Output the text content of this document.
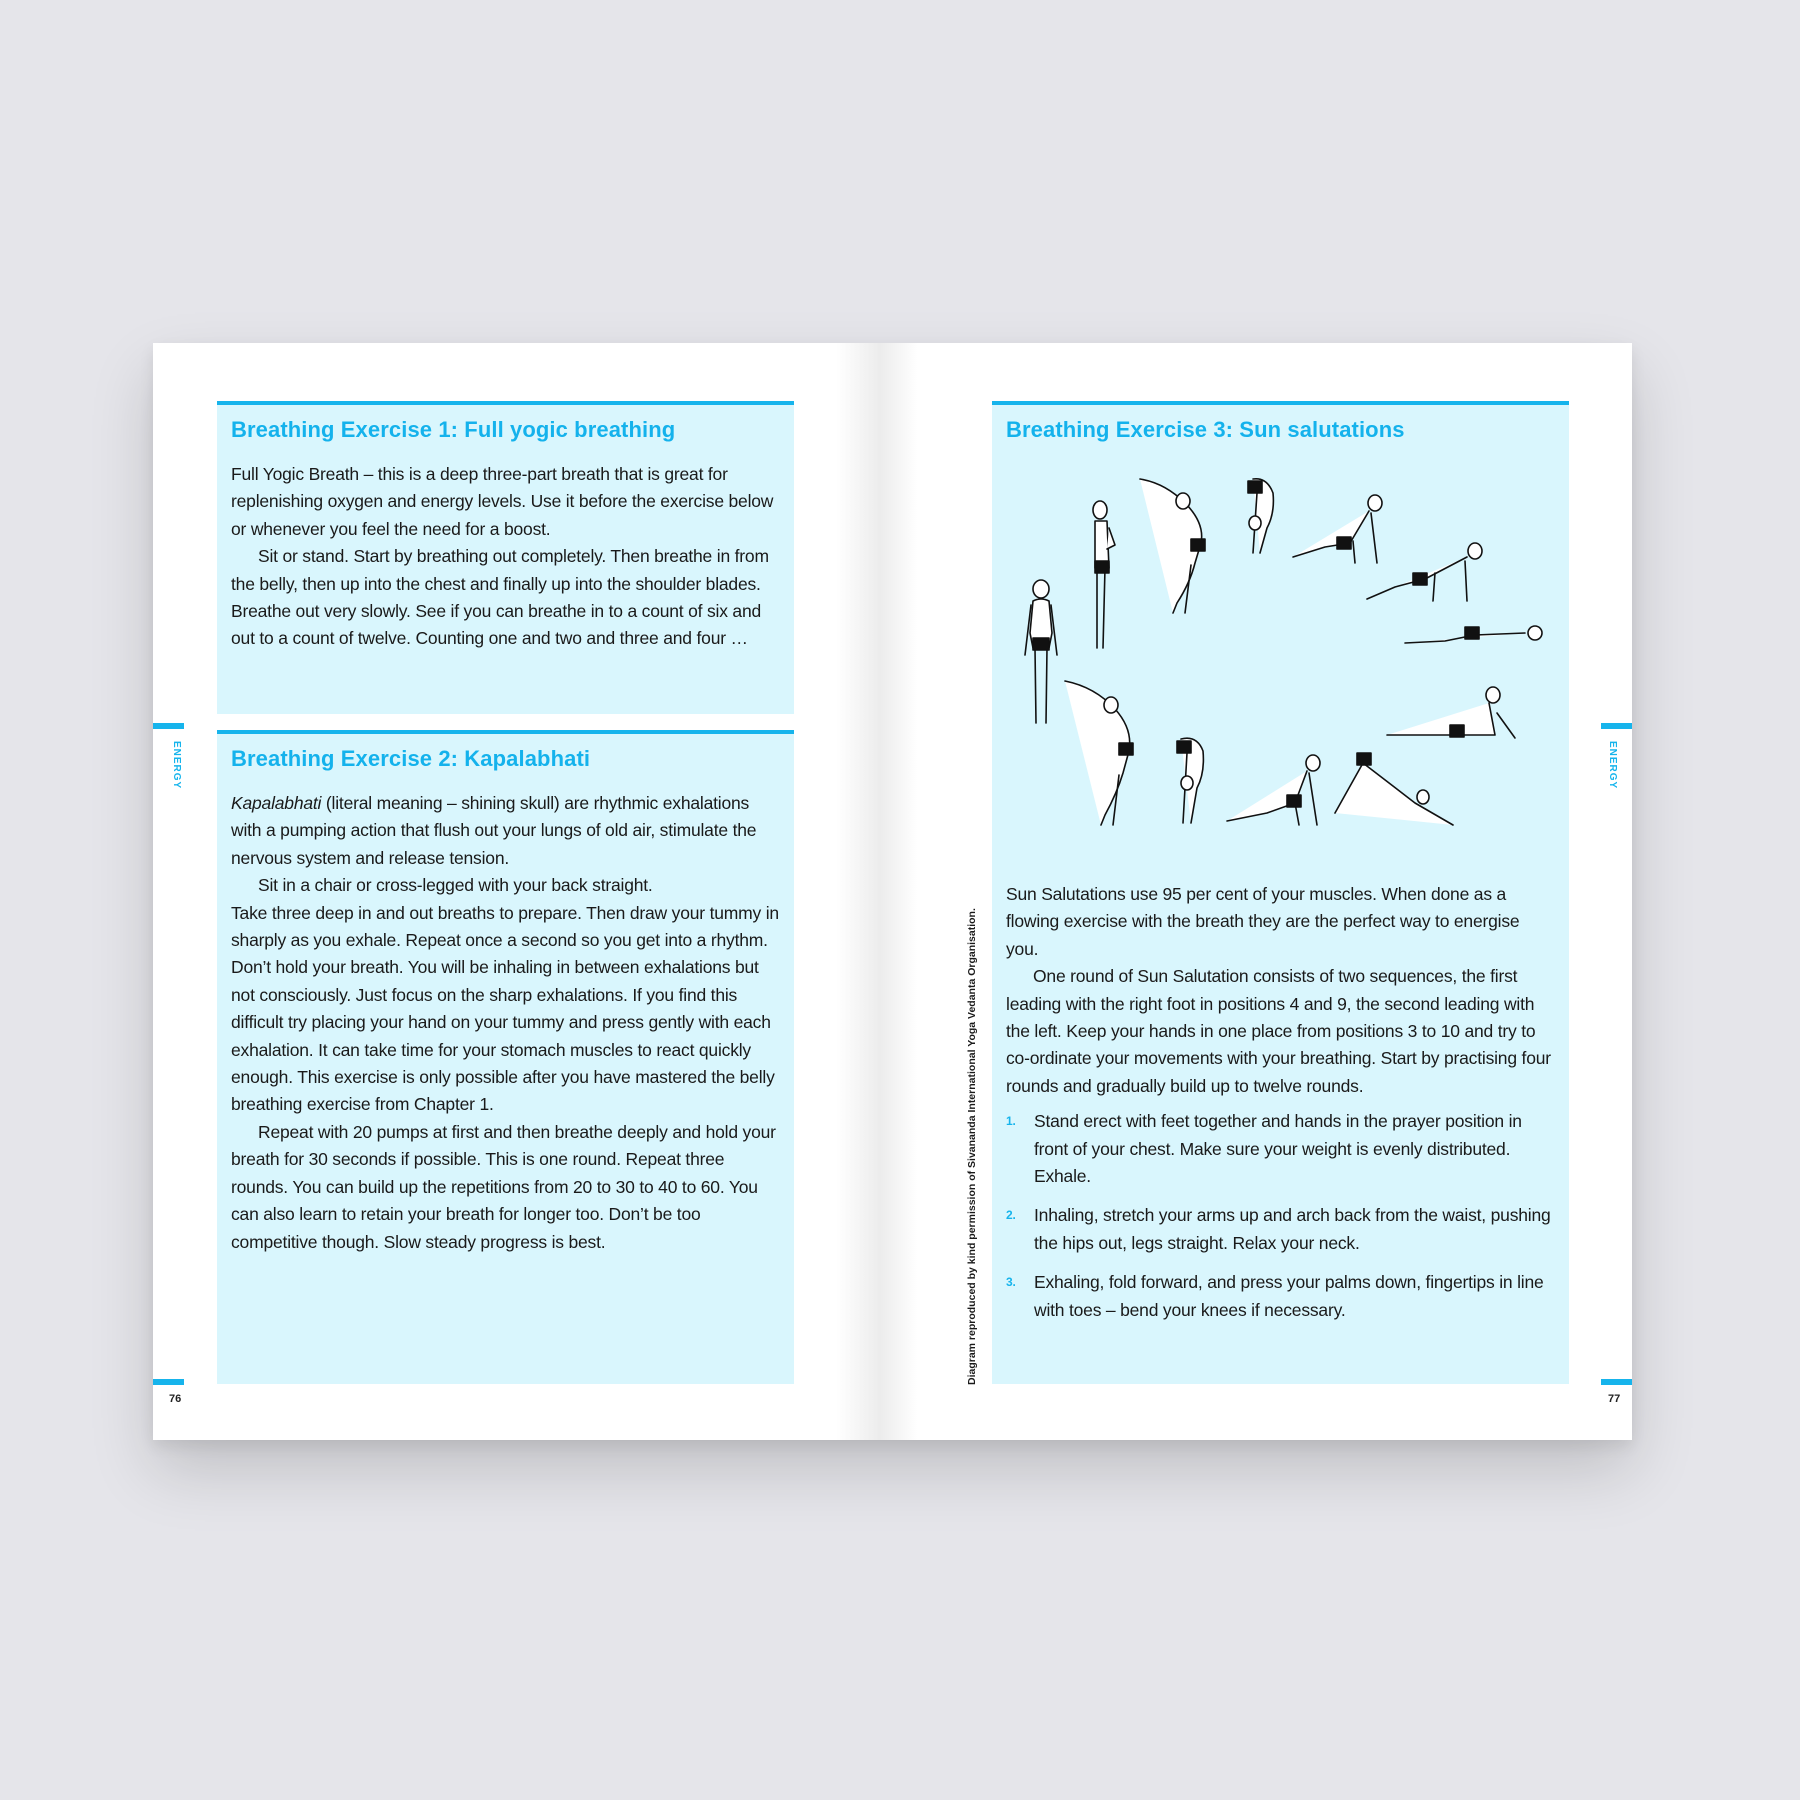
ENERGY
76
Breathing Exercise 1: Full yogic breathing

Full Yogic Breath – this is a deep three-part breath that is great for replenishing oxygen and energy levels. Use it before the exercise below or whenever you feel the need for a boost.

Sit or stand. Start by breathing out completely. Then breathe in from the belly, then up into the chest and finally up into the shoulder blades. Breathe out very slowly. See if you can breathe in to a count of six and out to a count of twelve. Counting one and two and three and four …

Breathing Exercise 2: Kapalabhati

Kapalabhati (literal meaning – shining skull) are rhythmic exhalations with a pumping action that flush out your lungs of old air, stimulate the nervous system and release tension.

Sit in a chair or cross-legged with your back straight.

Take three deep in and out breaths to prepare. Then draw your tummy in sharply as you exhale. Repeat once a second so you get into a rhythm. Don’t hold your breath. You will be inhaling in between exhalations but not consciously. Just focus on the sharp exhalations. If you find this difficult try placing your hand on your tummy and press gently with each exhalation. It can take time for your stomach muscles to react quickly enough. This exercise is only possible after you have mastered the belly breathing exercise from Chapter 1.

Repeat with 20 pumps at first and then breathe deeply and hold your breath for 30 seconds if possible. This is one round. Repeat three rounds. You can build up the repetitions from 20 to 30 to 40 to 60. You can also learn to retain your breath for longer too. Don’t be too competitive though. Slow steady progress is best.	Diagram reproduced by kind permission of Sivananda International Yoga Vedanta Organisation.
ENERGY
77
Breathing Exercise 3: Sun salutations

Sun Salutations use 95 per cent of your muscles. When done as a flowing exercise with the breath they are the perfect way to energise you.

One round of Sun Salutation consists of two sequences, the first leading with the right foot in positions 4 and 9, the second leading with the left. Keep your hands in one place from positions 3 to 10 and try to co-ordinate your movements with your breathing. Start by practising four rounds and gradually build up to twelve rounds.

1. Stand erect with feet together and hands in the prayer position in front of your chest. Make sure your weight is evenly distributed. Exhale.
2. Inhaling, stretch your arms up and arch back from the waist, pushing the hips out, legs straight. Relax your neck.
3. Exhaling, fold forward, and press your palms down, fingertips in line with toes – bend your knees if necessary.
